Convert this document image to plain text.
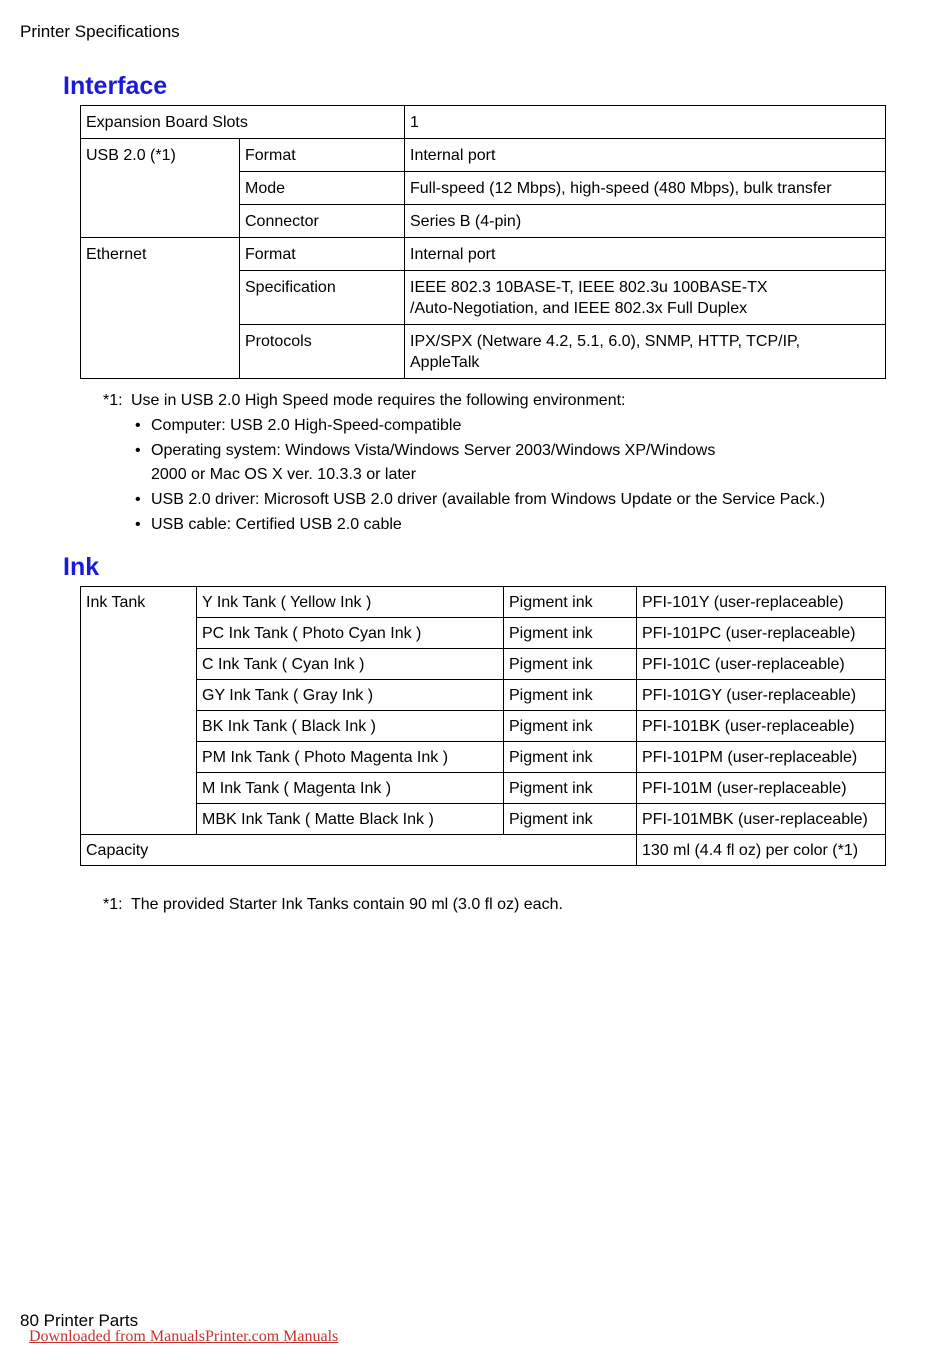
Printer Specifications
Interface
Expansion Board Slots		1
USB 2.0 (*1)	Format	Internal port
	Mode	Full-speed (12 Mbps), high-speed (480 Mbps), bulk transfer
	Connector	Series B (4-pin)
Ethernet	Format	Internal port
	Specification	IEEE 802.3 10BASE-T, IEEE 802.3u 100BASE-TX
/Auto-Negotiation, and IEEE 802.3x Full Duplex

	Protocols	IPX/SPX (Netware 4.2, 5.1, 6.0), SNMP, HTTP, TCP/IP,
AppleTalk
*1: Use in USB 2.0 High Speed mode requires the following environment:
• Computer: USB 2.0 High-Speed-compatible
• Operating system: Windows Vista/Windows Server 2003/Windows XP/Windows
2000 or Mac OS X ver. 10.3.3 or later
• USB 2.0 driver: Microsoft USB 2.0 driver (available from Windows Update or the Service Pack.)
• USB cable: Certified USB 2.0 cable
Ink
Ink Tank	Y Ink Tank ( Yellow Ink )	Pigment ink	PFI-101Y (user-replaceable)
	PC Ink Tank ( Photo Cyan Ink )	Pigment ink	PFI-101PC (user-replaceable)
	C Ink Tank ( Cyan Ink )	Pigment ink	PFI-101C (user-replaceable)
	GY Ink Tank ( Gray Ink )	Pigment ink	PFI-101GY (user-replaceable)
	BK Ink Tank ( Black Ink )	Pigment ink	PFI-101BK (user-replaceable)
	PM Ink Tank ( Photo Magenta Ink )	Pigment ink	PFI-101PM (user-replaceable)
	M Ink Tank ( Magenta Ink )	Pigment ink	PFI-101M (user-replaceable)
	MBK Ink Tank ( Matte Black Ink )	Pigment ink	PFI-101MBK (user-replaceable)
Capacity			130 ml (4.4 fl oz) per color (*1)
*1: The provided Starter Ink Tanks contain 90 ml (3.0 fl oz) each.
80 Printer Parts
Downloaded from ManualsPrinter.com Manuals
